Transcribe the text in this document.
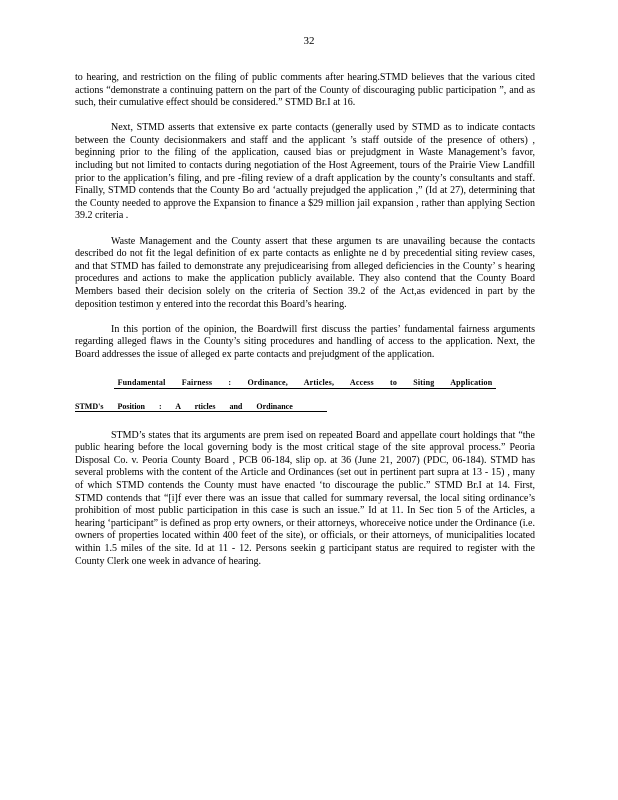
32

to hearing, and restriction on the filing of public comments after hearing.STMD believes that the various cited actions “demonstrate a continuing pattern on the part of the County of discouraging public participation ”, and as such, their cumulative effect should be considered.” STMD Br.I at 16.

Next, STMD asserts that extensive ex parte contacts (generally used by STMD as to indicate contacts between the County decisionmakers and staff and the applicant ’s staff outside of the presence of others) , beginning prior to the filing of the application, caused bias or prejudgment in Waste Management’s favor, including but not limited to contacts during negotiation of the Host Agreement, tours of the Prairie View Landfill prior to the application’s filing, and pre -filing review of a draft application by the county’s consultants and staff. Finally, STMD contends that the County Bo ard ‘actually prejudged the application ,” (Id at 27), determining that the County needed to approve the Expansion to finance a $29 million jail expansion , rather than applying Section 39.2 criteria .

Waste Management and the County assert that these argumen ts are unavailing because the contacts described do not fit the legal definition of ex parte contacts as enlighte ne d by precedential siting review cases, and that STMD has failed to demonstrate any prejudicearising from alleged deficiencies in the County’ s hearing procedures and actions to make the application publicly available. They also contend that the County Board Members based their decision solely on the criteria of Section 39.2 of the Act,as evidenced in part by the deposition testimon y entered into the recordat this Board’s hearing.

In this portion of the opinion, the Boardwill first discuss the parties’ fundamental fairness arguments regarding alleged flaws in the County’s siting procedures and handling of access to the application. Next, the Board addresses the issue of alleged ex parte contacts and prejudgment of the application.

Fundamental Fairness : Ordinance, Articles, Access to Siting Application
STMD's Position : A rticles and Ordinance

STMD’s states that its arguments are prem ised on repeated Board and appellate court holdings that “the public hearing before the local governing body is the most critical stage of the site approval process.” Peoria Disposal Co. v. Peoria County Board , PCB 06-184, slip op. at 36 (June 21, 2007) (PDC, 06-184). STMD has several problems with the content of the Article and Ordinances (set out in pertinent part supra at 13 - 15) , many of which STMD contends the County must have enacted ‘to discourage the public.” STMD Br.I at 14. First, STMD contends that “[i]f ever there was an issue that called for summary reversal, the local siting ordinance’s prohibition of most public participation in this case is such an issue.” Id at 11. In Sec tion 5 of the Articles, a hearing ‘participant” is defined as prop erty owners, or their attorneys, whoreceive notice under the Ordinance (i.e. owners of properties located within 400 feet of the site), or officials, or their attorneys, of municipalities located within 1.5 miles of the site. Id at 11 - 12. Persons seekin g participant status are required to register with the County Clerk one week in advance of hearing.
